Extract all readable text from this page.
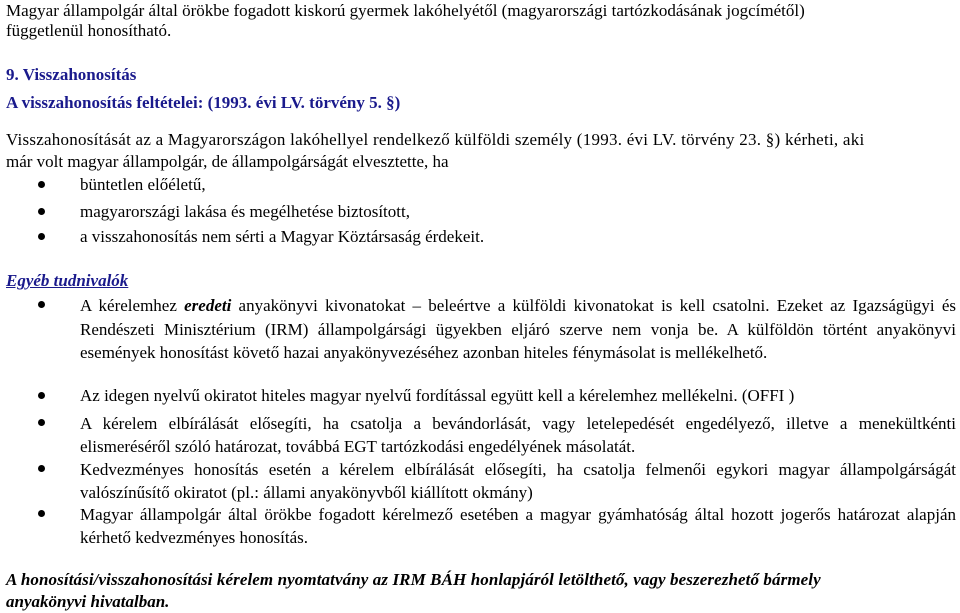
Magyar állampolgár által örökbe fogadott kiskorú gyermek lakóhelyétől (magyarországi tartózkodásának jogcímétől)
függetlenül honosítható.
9. Visszahonosítás
A visszahonosítás feltételei: (1993. évi LV. törvény 5. §)
Visszahonosítását az a Magyarországon lakóhellyel rendelkező külföldi személy (1993. évi LV. törvény 23. §) kérheti, aki
már volt magyar állampolgár, de állampolgárságát elvesztette, ha
büntetlen előéletű,
magyarországi lakása és megélhetése biztosított,
a visszahonosítás nem sérti a Magyar Köztársaság érdekeit.
Egyéb tudnivalók
A kérelemhez eredeti anyakönyvi kivonatokat – beleértve a külföldi kivonatokat is kell csatolni. Ezeket az Igazságügyi és Rendészeti Minisztérium (IRM) állampolgársági ügyekben eljáró szerve nem vonja be. A külföldön történt anyakönyvi események honosítást követő hazai anyakönyvezéséhez azonban hiteles fénymásolat is mellékelhető.
Az idegen nyelvű okiratot hiteles magyar nyelvű fordítással együtt kell a kérelemhez mellékelni. (OFFI )
A kérelem elbírálását elősegíti, ha csatolja a bevándorlását, vagy letelepedését engedélyező, illetve a menekültkénti elismeréséről szóló határozat, továbbá EGT tartózkodási engedélyének másolatát.
Kedvezményes honosítás esetén a kérelem elbírálását elősegíti, ha csatolja felmenői egykori magyar állampolgárságát valószínűsítő okiratot (pl.: állami anyakönyvből kiállított okmány)
Magyar állampolgár által örökbe fogadott kérelmező esetében a magyar gyámhatóság által hozott jogerős határozat alapján kérhető kedvezményes honosítás.
A honosítási/visszahonosítási kérelem nyomtatvány az IRM BÁH honlapjáról letölthető, vagy beszerezhető bármely
anyakönyvi hivatalban.
